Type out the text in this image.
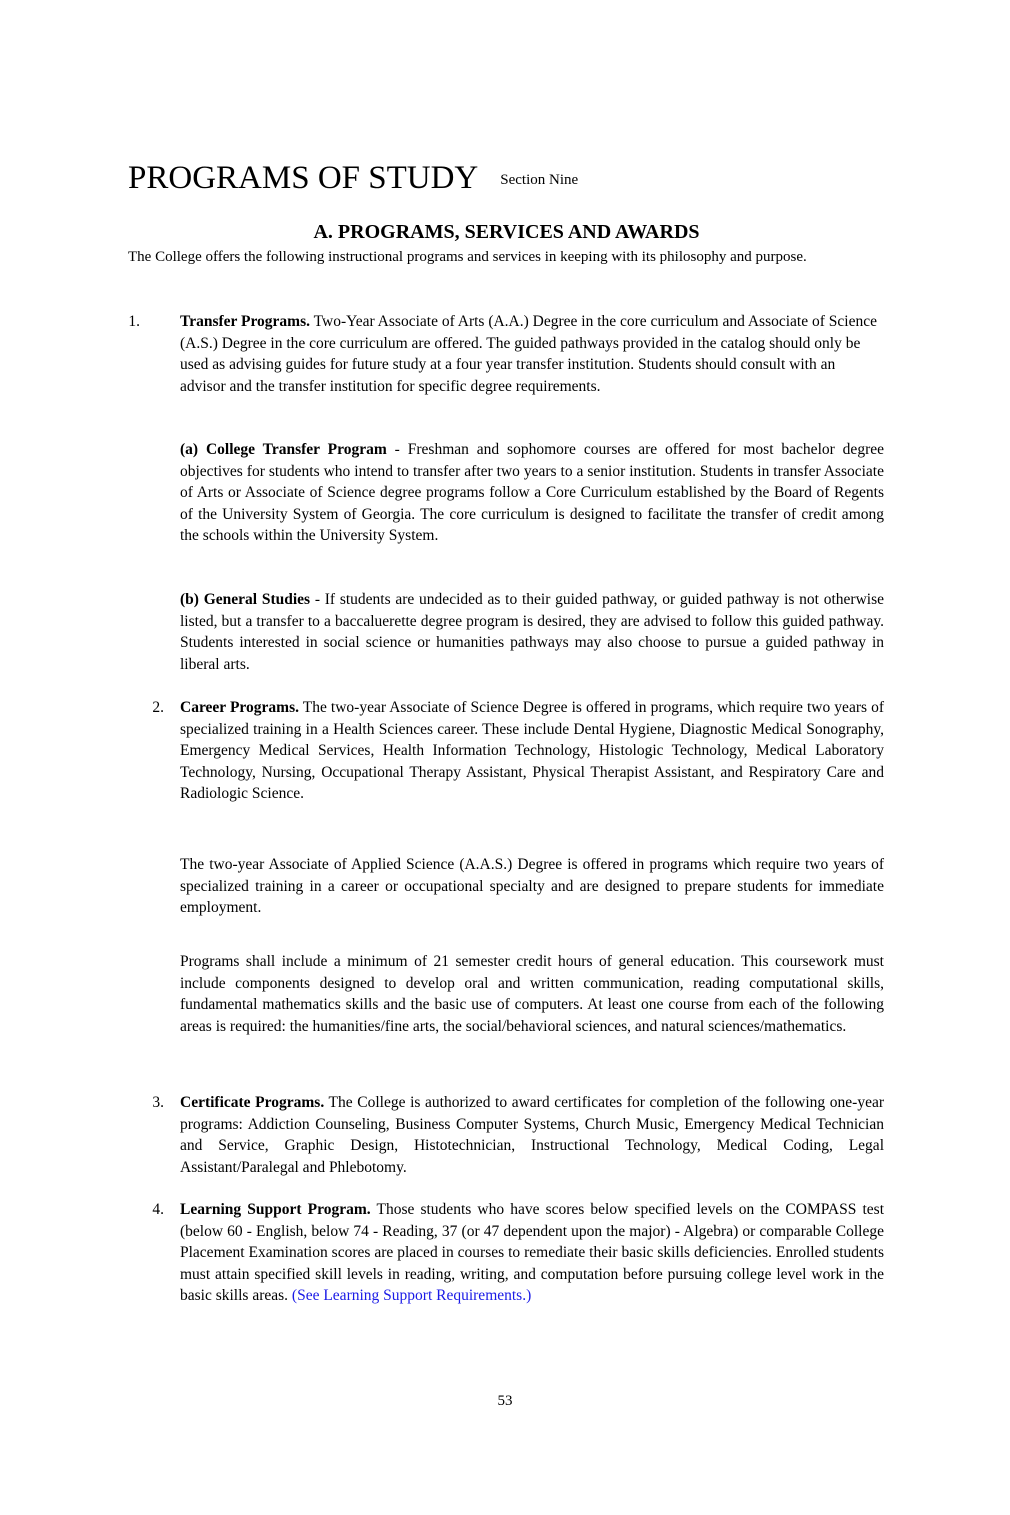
PROGRAMS OF STUDY Section Nine
A. PROGRAMS, SERVICES AND AWARDS

The College offers the following instructional programs and services in keeping with its philosophy and purpose.

1.	Transfer Programs. Two-Year Associate of Arts (A.A.) Degree in the core curriculum and Associate of Science (A.S.) Degree in the core curriculum are offered. The guided pathways provided in the catalog should only be used as advising guides for future study at a four year transfer institution. Students should consult with an advisor and the transfer institution for specific degree requirements.

(a) College Transfer Program - Freshman and sophomore courses are offered for most bachelor degree objectives for students who intend to transfer after two years to a senior institution. Students in transfer Associate of Arts or Associate of Science degree programs follow a Core Curriculum established by the Board of Regents of the University System of Georgia. The core curriculum is designed to facilitate the transfer of credit among the schools within the University System.

(b) General Studies - If students are undecided as to their guided pathway, or guided pathway is not otherwise listed, but a transfer to a baccaluerette degree program is desired, they are advised to follow this guided pathway. Students interested in social science or humanities pathways may also choose to pursue a guided pathway in liberal arts.

2. Career Programs. The two-year Associate of Science Degree is offered in programs, which require two years of specialized training in a Health Sciences career. These include Dental Hygiene, Diagnostic Medical Sonography, Emergency Medical Services, Health Information Technology, Histologic Technology, Medical Laboratory Technology, Nursing, Occupational Therapy Assistant, Physical Therapist Assistant, and Respiratory Care and Radiologic Science.

The two-year Associate of Applied Science (A.A.S.) Degree is offered in programs which require two years of specialized training in a career or occupational specialty and are designed to prepare students for immediate employment.

Programs shall include a minimum of 21 semester credit hours of general education. This coursework must include components designed to develop oral and written communication, reading computational skills, fundamental mathematics skills and the basic use of computers. At least one course from each of the following areas is required: the humanities/fine arts, the social/behavioral sciences, and natural sciences/mathematics.

3. Certificate Programs. The College is authorized to award certificates for completion of the following one-year programs: Addiction Counseling, Business Computer Systems, Church Music, Emergency Medical Technician and Service, Graphic Design, Histotechnician, Instructional Technology, Medical Coding, Legal Assistant/Paralegal and Phlebotomy.

4. Learning Support Program. Those students who have scores below specified levels on the COMPASS test (below 60 - English, below 74 - Reading, 37 (or 47 dependent upon the major) - Algebra) or comparable College Placement Examination scores are placed in courses to remediate their basic skills deficiencies. Enrolled students must attain specified skill levels in reading, writing, and computation before pursuing college level work in the basic skills areas. (See Learning Support Requirements.)

53
